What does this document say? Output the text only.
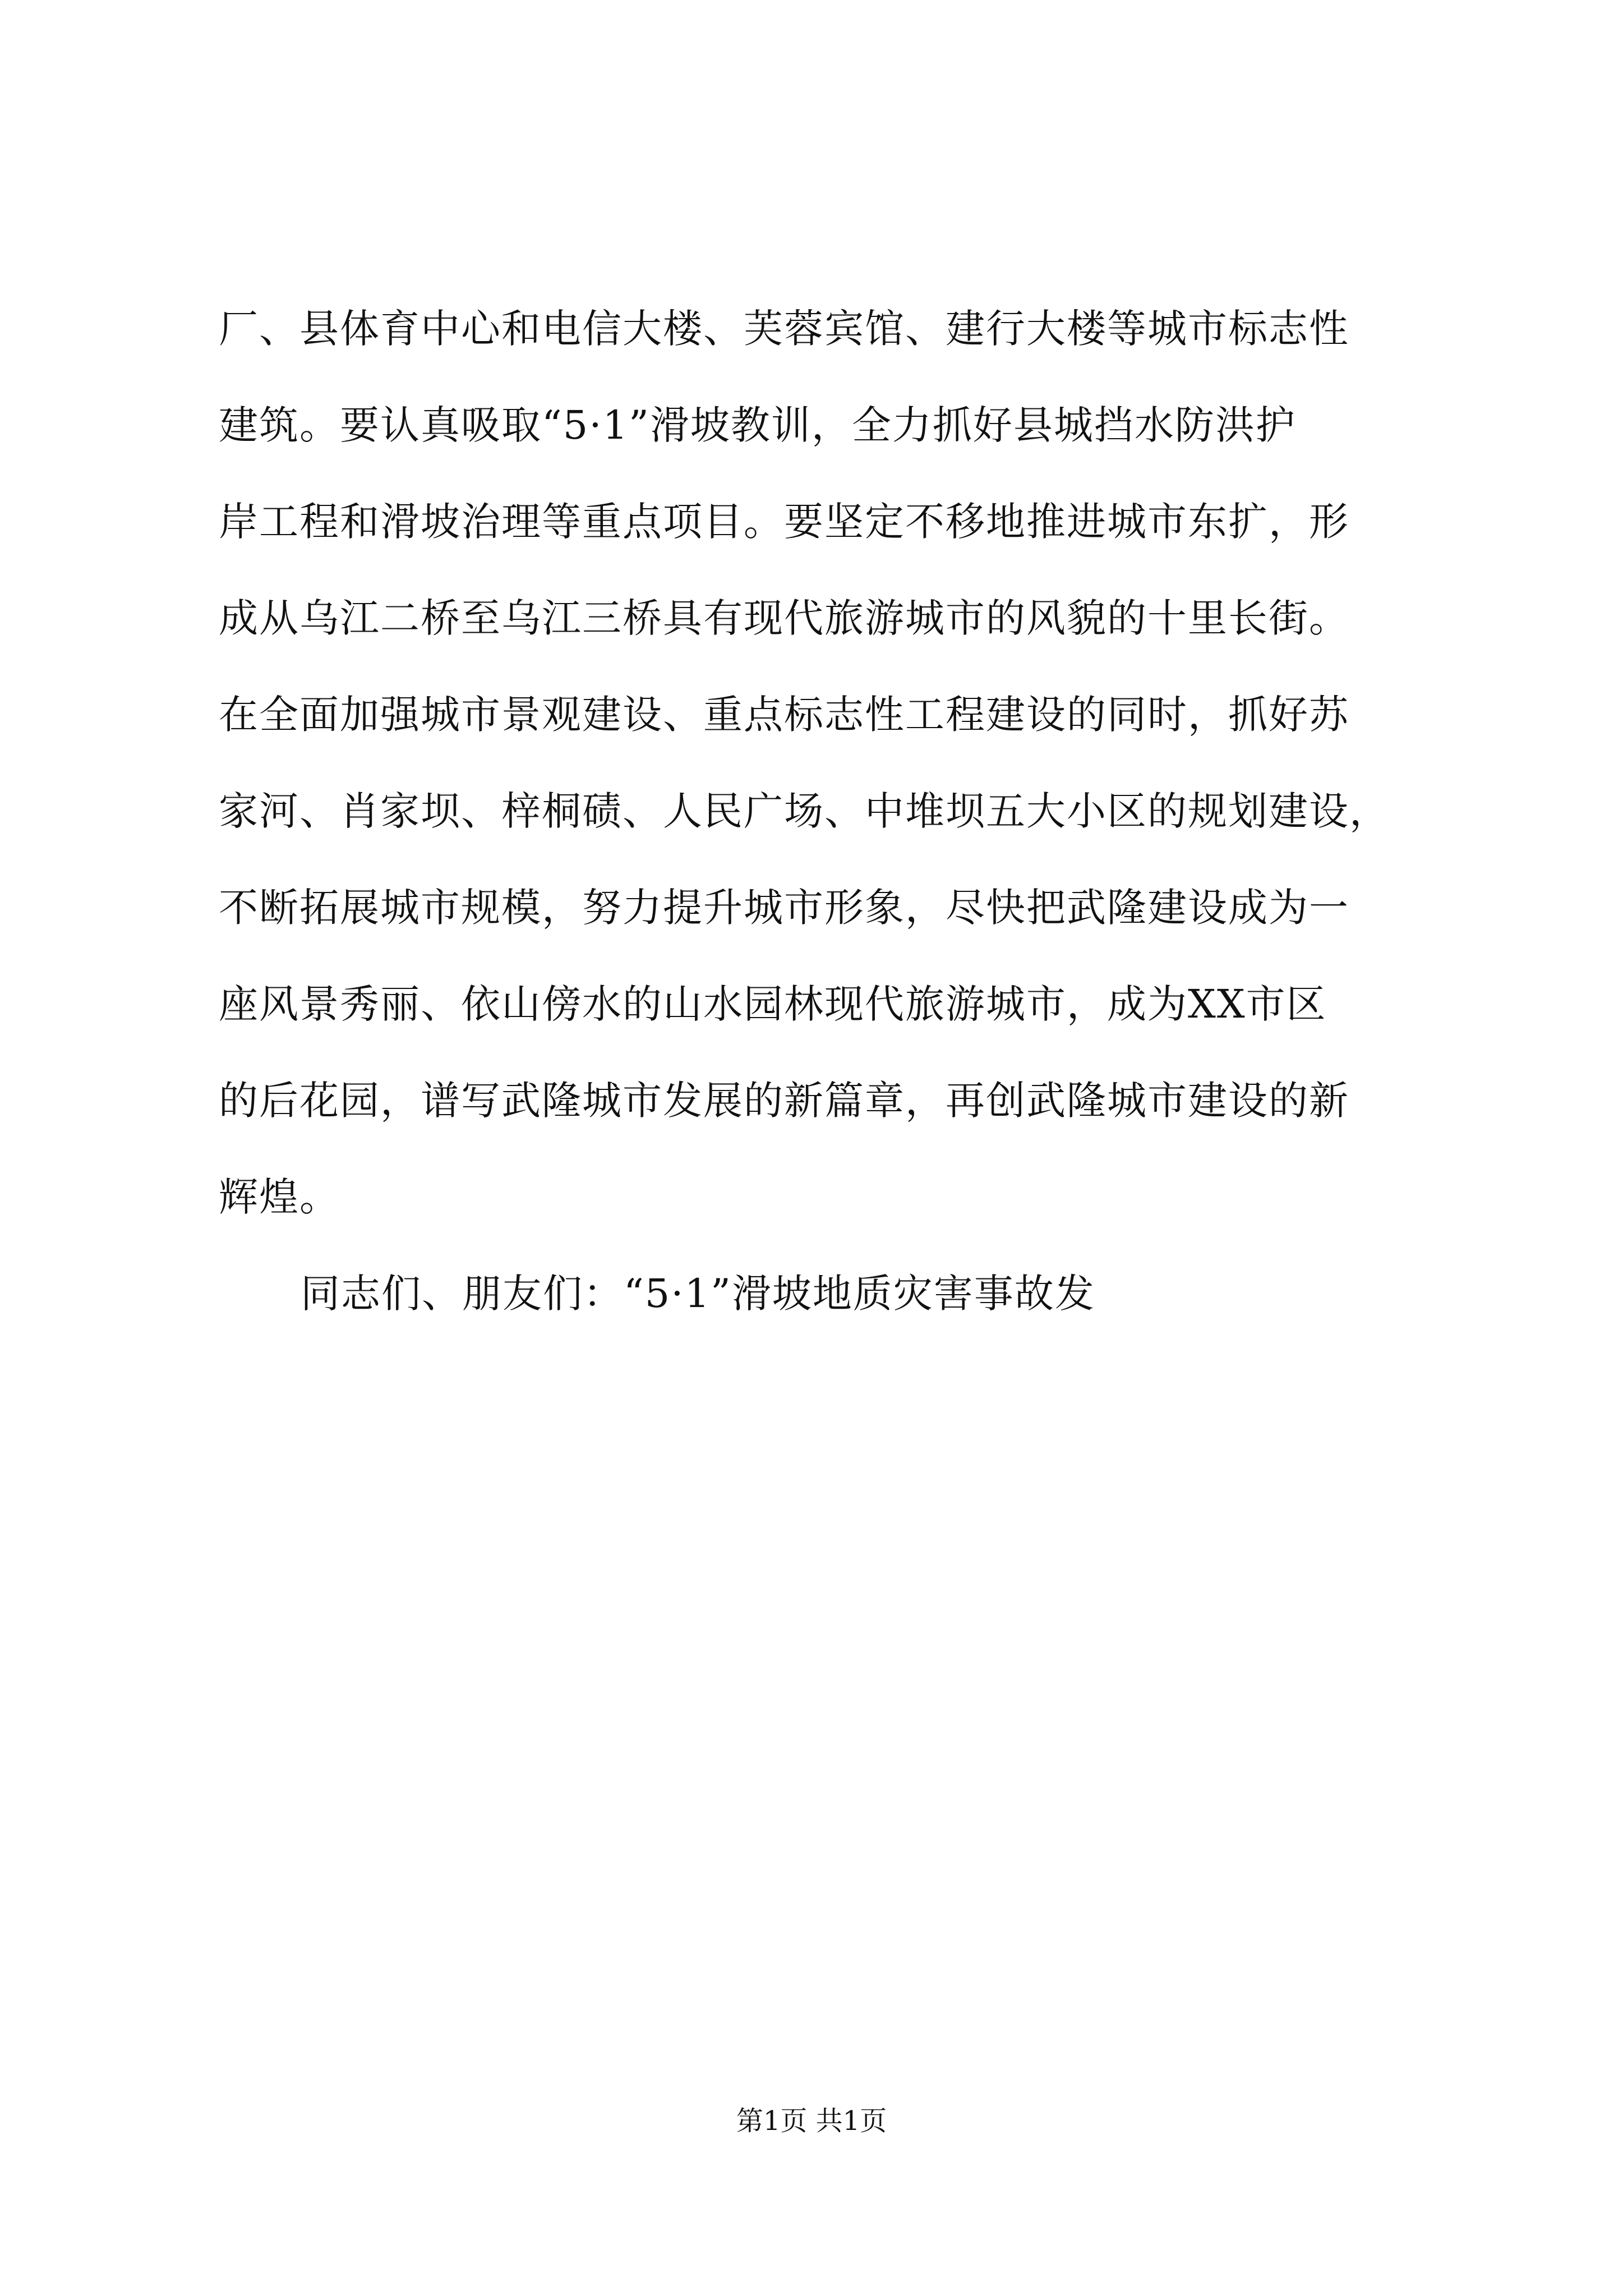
厂、县体育中心和电信大楼、芙蓉宾馆、建行大楼等城市标志性
建筑。要认真吸取“5·1”滑坡教训，全力抓好县城挡水防洪护
岸工程和滑坡治理等重点项目。要坚定不移地推进城市东扩，形
成从乌江二桥至乌江三桥具有现代旅游城市的风貌的十里长街。
在全面加强城市景观建设、重点标志性工程建设的同时，抓好苏
家河、肖家坝、梓桐碛、人民广场、中堆坝五大小区的规划建设，
不断拓展城市规模，努力提升城市形象，尽快把武隆建设成为一
座风景秀丽、依山傍水的山水园林现代旅游城市，成为XX市区
的后花园，谱写武隆城市发展的新篇章，再创武隆城市建设的新
辉煌。
同志们、朋友们：“5·1”滑坡地质灾害事故发
第1页 共1页
